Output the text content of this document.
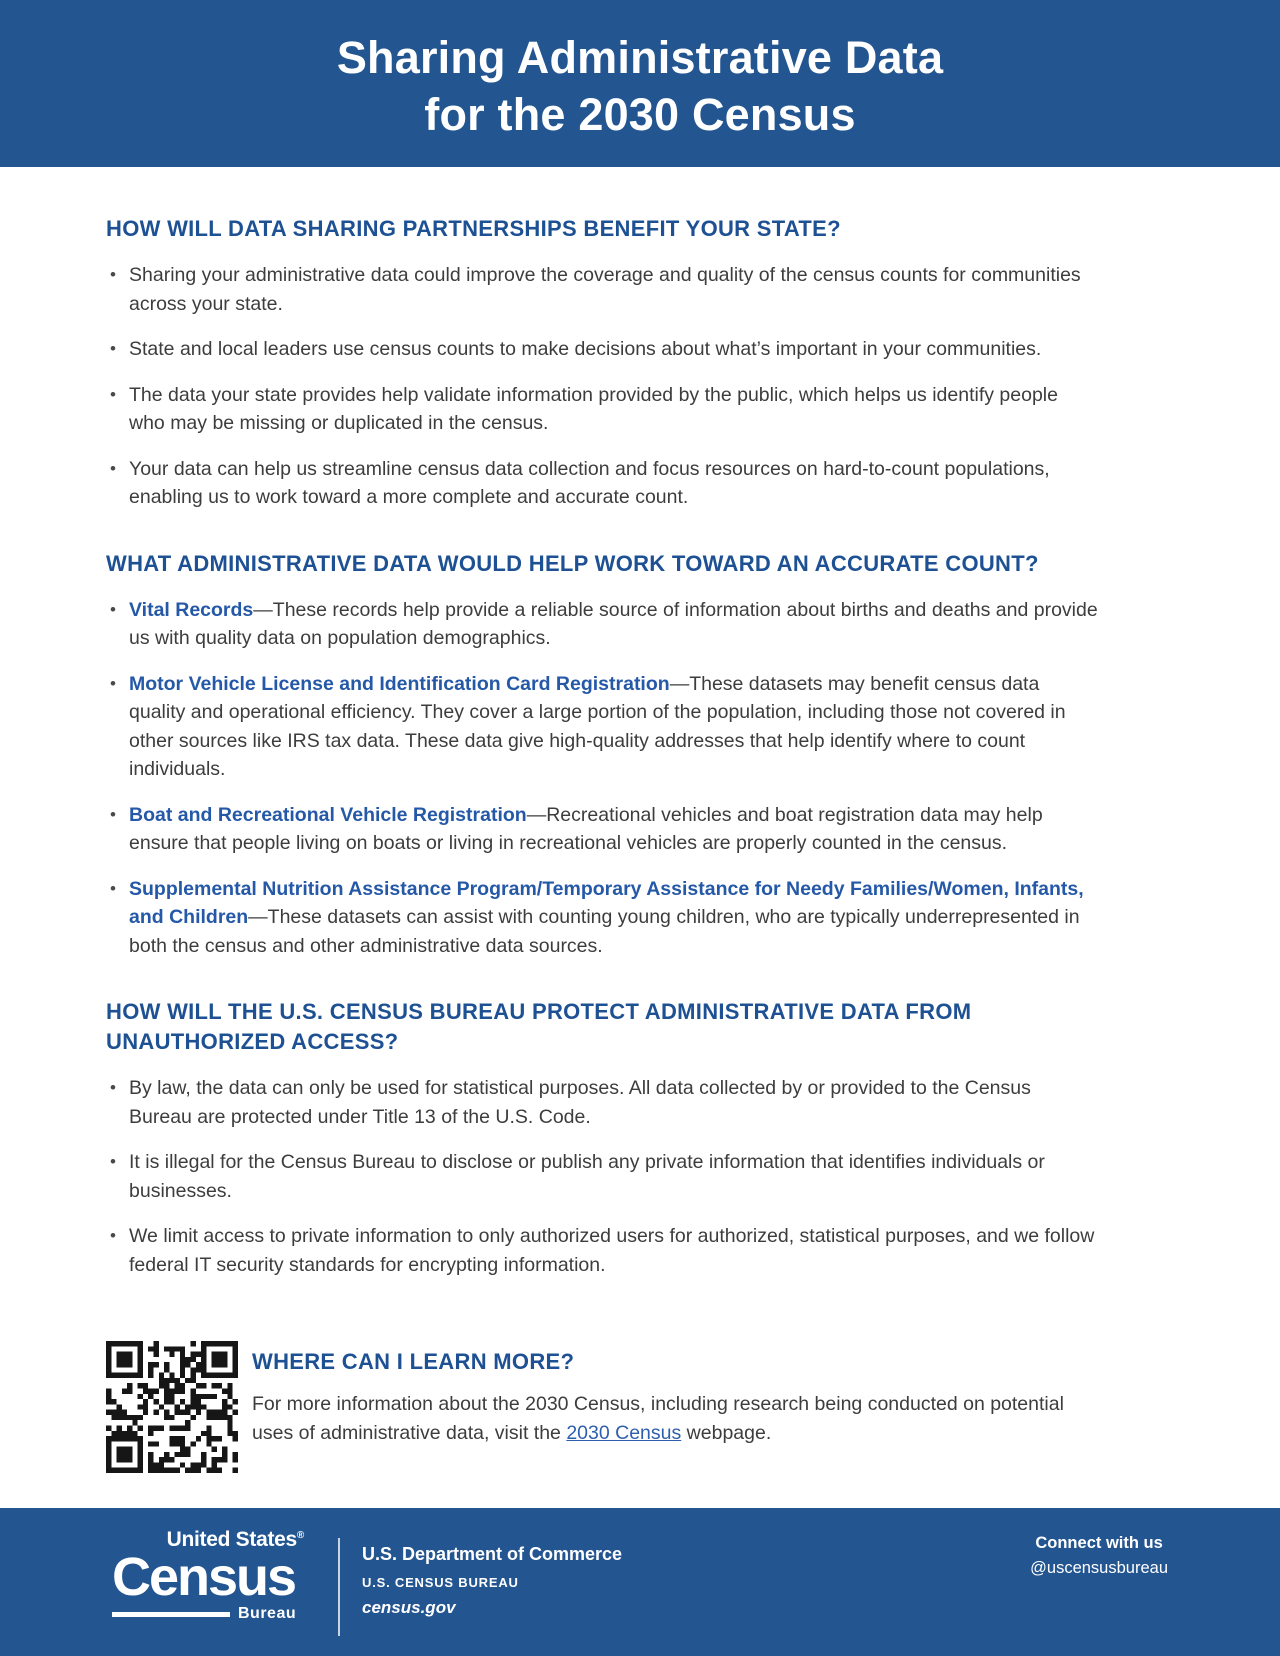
Sharing Administrative Data
for the 2030 Census
HOW WILL DATA SHARING PARTNERSHIPS BENEFIT YOUR STATE?
• Sharing your administrative data could improve the coverage and quality of the census counts for communities across your state.
• State and local leaders use census counts to make decisions about what’s important in your communities.
• The data your state provides help validate information provided by the public, which helps us identify people who may be missing or duplicated in the census.
• Your data can help us streamline census data collection and focus resources on hard-to-count populations, enabling us to work toward a more complete and accurate count.
WHAT ADMINISTRATIVE DATA WOULD HELP WORK TOWARD AN ACCURATE COUNT?
• Vital Records—These records help provide a reliable source of information about births and deaths and provide us with quality data on population demographics.
• Motor Vehicle License and Identification Card Registration—These datasets may benefit census data quality and operational efficiency. They cover a large portion of the population, including those not covered in other sources like IRS tax data. These data give high-quality addresses that help identify where to count individuals.
• Boat and Recreational Vehicle Registration—Recreational vehicles and boat registration data may help ensure that people living on boats or living in recreational vehicles are properly counted in the census.
• Supplemental Nutrition Assistance Program/Temporary Assistance for Needy Families/Women, Infants, and Children—These datasets can assist with counting young children, who are typically underrepresented in both the census and other administrative data sources.
HOW WILL THE U.S. CENSUS BUREAU PROTECT ADMINISTRATIVE DATA FROM UNAUTHORIZED ACCESS?
• By law, the data can only be used for statistical purposes. All data collected by or provided to the Census Bureau are protected under Title 13 of the U.S. Code.
• It is illegal for the Census Bureau to disclose or publish any private information that identifies individuals or businesses.
• We limit access to private information to only authorized users for authorized, statistical purposes, and we follow federal IT security standards for encrypting information.
WHERE CAN I LEARN MORE?

For more information about the 2030 Census, including research being conducted on potential uses of administrative data, visit the 2030 Census webpage.

United States®
Census
Bureau
U.S. Department of Commerce
U.S. CENSUS BUREAU
census.gov
Connect with us
@uscensusbureau
